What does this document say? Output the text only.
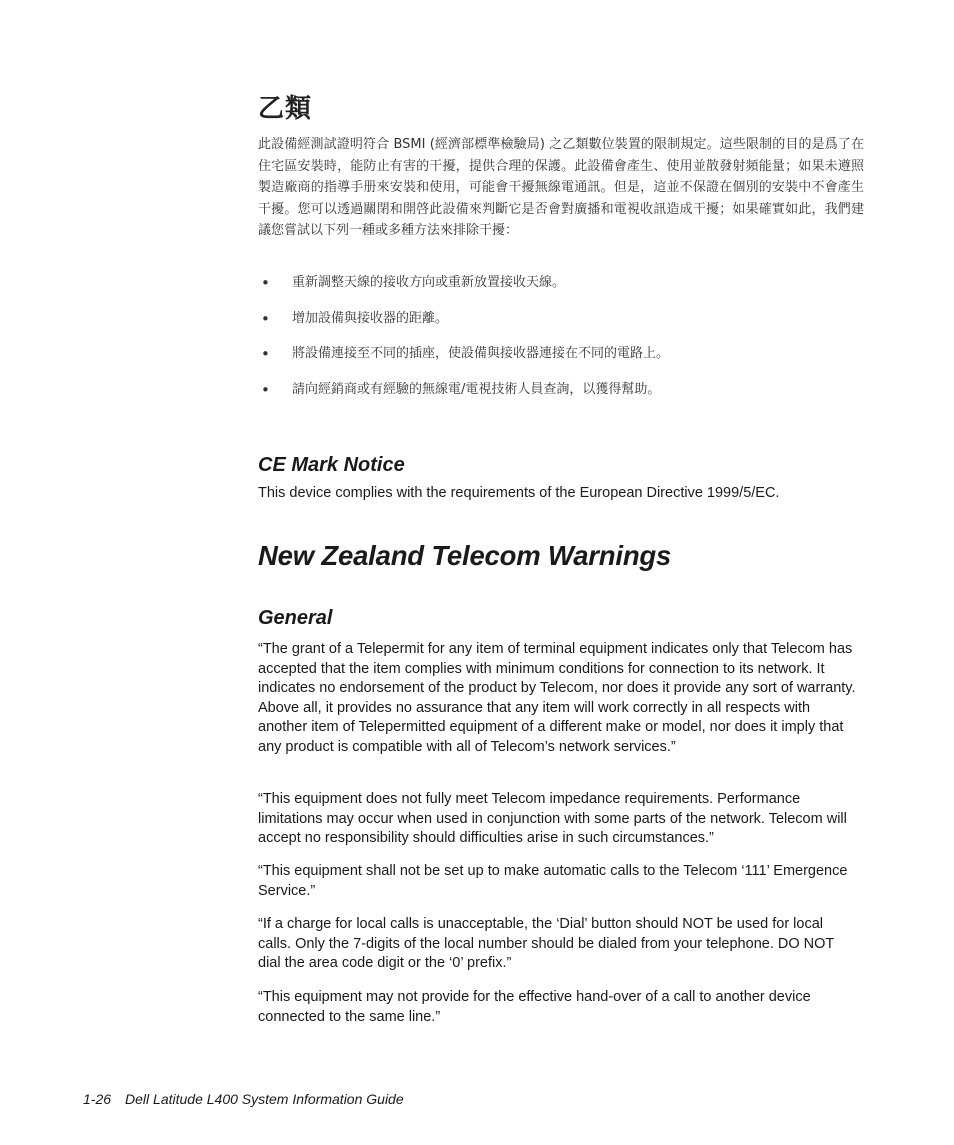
乙類

此設備經測試證明符合 BSMI (經濟部標準檢驗局) 之乙類數位裝置的限制規定。這些限制的目的是爲了在住宅區安裝時，能防止有害的干擾，提供合理的保護。此設備會產生、使用並散發射頻能量；如果未遵照製造廠商的指導手册來安裝和使用，可能會干擾無線電通訊。但是，這並不保證在個別的安裝中不會產生干擾。您可以透過關閉和開啓此設備來判斷它是否會對廣播和電視收訊造成干擾；如果確實如此，我們建議您嘗試以下列一種或多種方法來排除干擾：

• 重新調整天線的接收方向或重新放置接收天線。
• 增加設備與接收器的距離。
• 將設備連接至不同的插座，使設備與接收器連接在不同的電路上。
• 請向經銷商或有經驗的無線電/電視技術人員查詢，以獲得幫助。
CE Mark Notice

This device complies with the requirements of the European Directive 1999/5/EC.

New Zealand Telecom Warnings
General

“The grant of a Telepermit for any item of terminal equipment indicates only that Telecom has accepted that the item complies with minimum conditions for connection to its network. It indicates no endorsement of the product by Telecom, nor does it provide any sort of warranty. Above all, it provides no assurance that any item will work correctly in all respects with another item of Telepermitted equipment of a different make or model, nor does it imply that any product is compatible with all of Telecom’s network services.”

“This equipment does not fully meet Telecom impedance requirements. Performance limitations may occur when used in conjunction with some parts of the network. Telecom will accept no responsibility should difficulties arise in such circumstances.”

“This equipment shall not be set up to make automatic calls to the Telecom ‘111’ Emergence Service.”

“If a charge for local calls is unacceptable, the ‘Dial’ button should NOT be used for local calls. Only the 7-digits of the local number should be dialed from your telephone. DO NOT dial the area code digit or the ‘0’ prefix.”

“This equipment may not provide for the effective hand-over of a call to another device connected to the same line.”

1-26 Dell Latitude L400 System Information Guide
